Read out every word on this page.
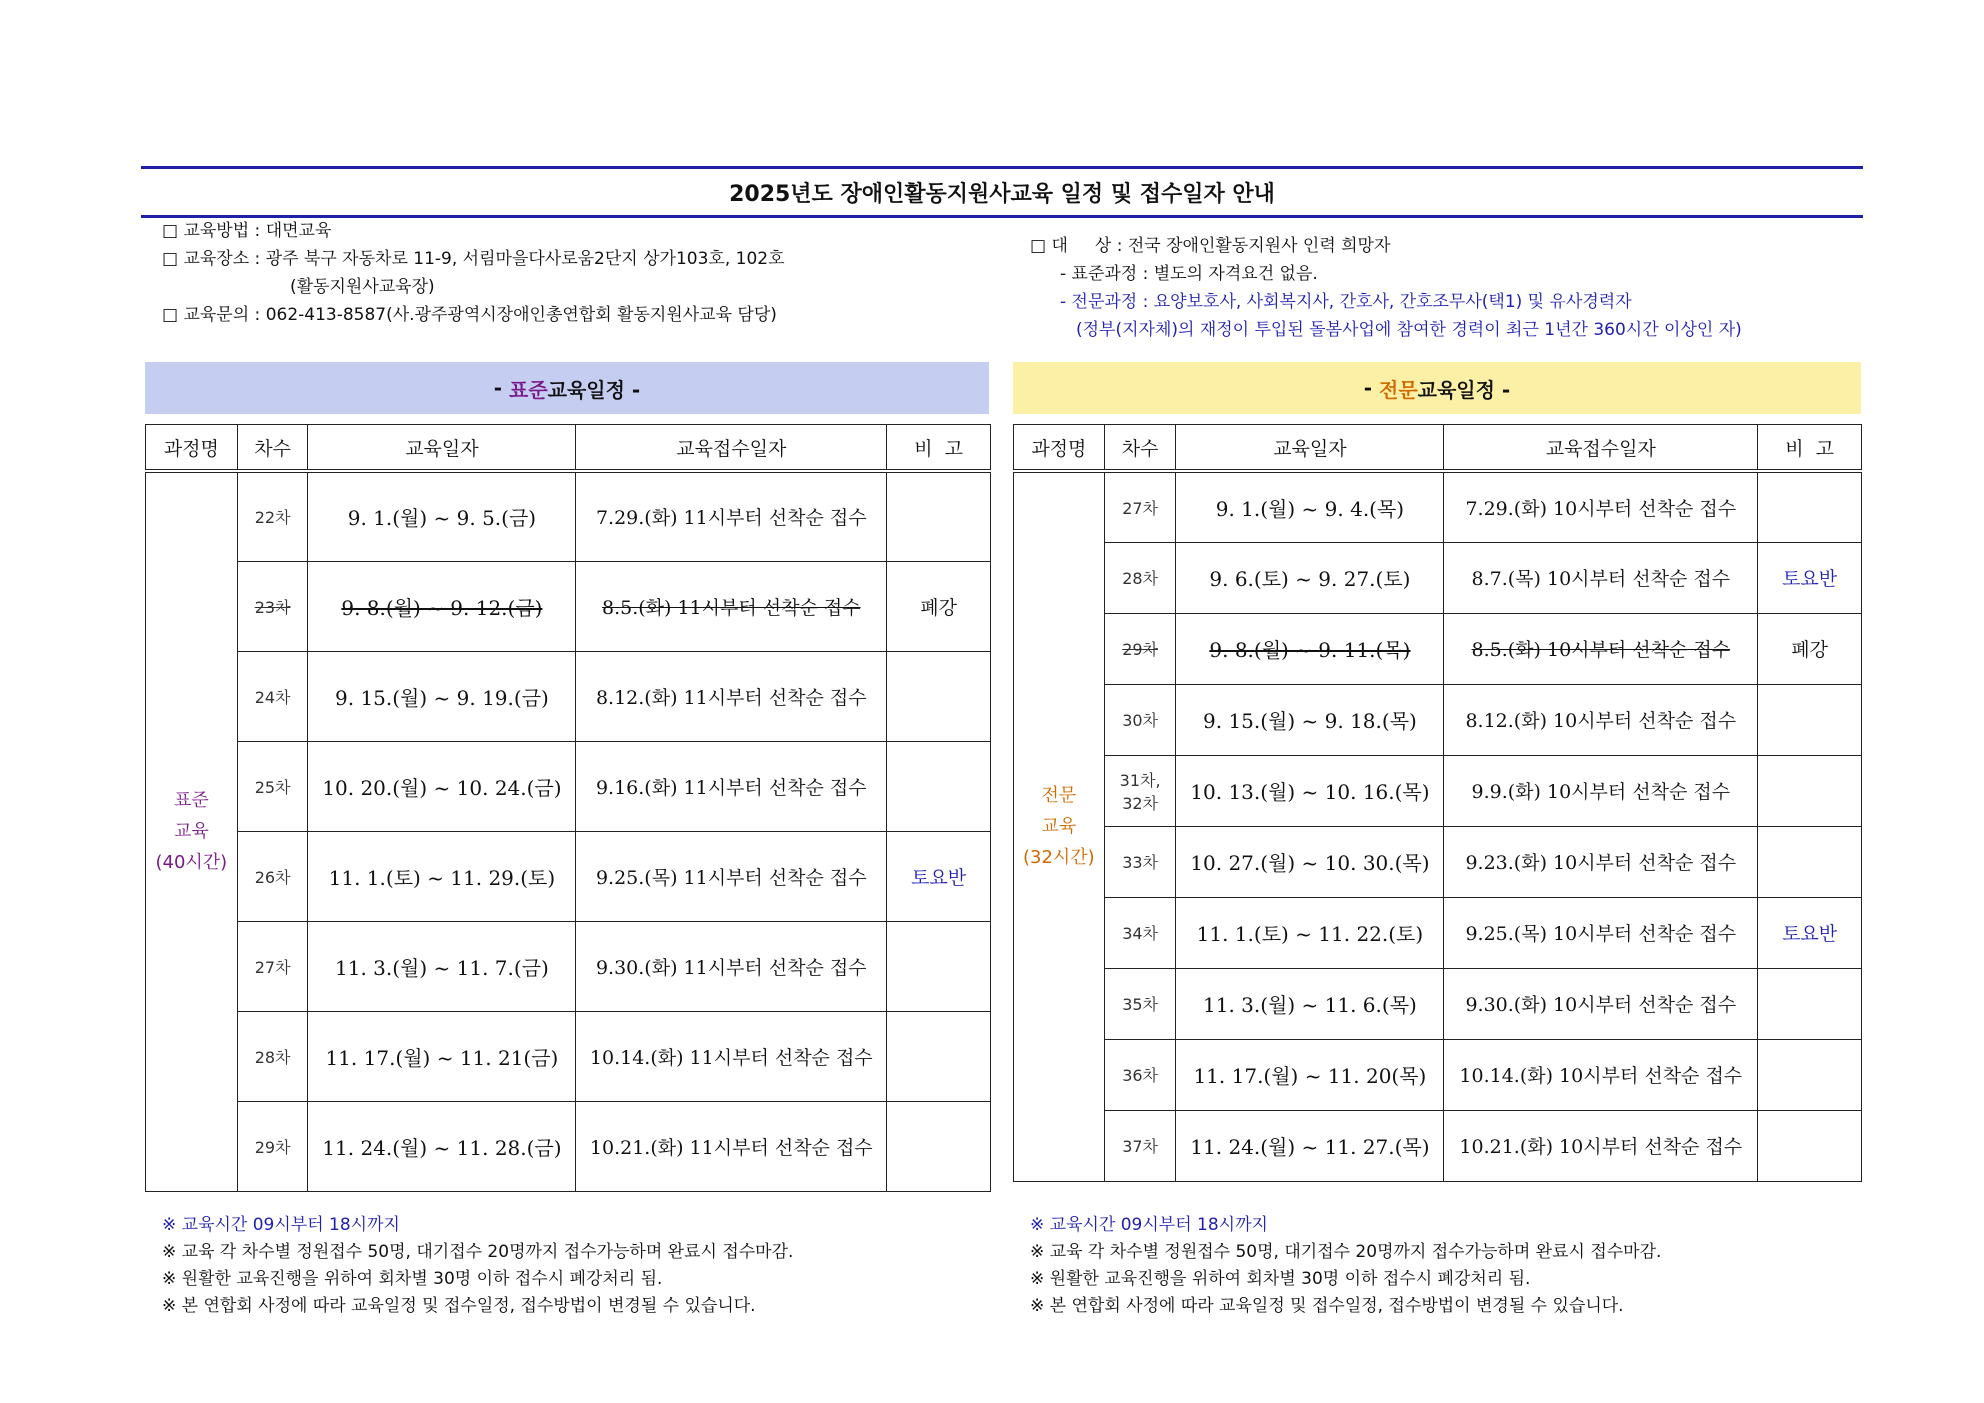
2025년도 장애인활동지원사교육 일정 및 접수일자 안내
□ 교육방법 : 대면교육
□ 교육장소 : 광주 북구 자동차로 11-9, 서림마을다사로움2단지 상가103호, 102호
(활동지원사교육장)
□ 교육문의 : 062-413-8587(사.광주광역시장애인총연합회 활동지원사교육 담당)
□ 대     상 : 전국 장애인활동지원사 인력 희망자
- 표준과정 : 별도의 자격요건 없음.
- 전문과정 : 요양보호사, 사회복지사, 간호사, 간호조무사(택1) 및 유사경력자
(정부(지자체)의 재정이 투입된 돌봄사업에 참여한 경력이 최근 1년간 360시간 이상인 자)
- 표준 교육일정 -	- 전문 교육일정 -
과정명	차수	교육일자	교육접수일자	비  고

표준
교육
(40시간)	22차	9. 1.(월) ~ 9. 5.(금)	7.29.(화) 11시부터 선착순 접수	
	23차	9. 8.(월) ~ 9. 12.(금)	8.5.(화) 11시부터 선착순 접수	폐강
	24차	9. 15.(월) ~ 9. 19.(금)	8.12.(화) 11시부터 선착순 접수	
	25차	10. 20.(월) ~ 10. 24.(금)	9.16.(화) 11시부터 선착순 접수	
	26차	11. 1.(토) ~ 11. 29.(토)	9.25.(목) 11시부터 선착순 접수	토요반
	27차	11. 3.(월) ~ 11. 7.(금)	9.30.(화) 11시부터 선착순 접수	
	28차	11. 17.(월) ~ 11. 21(금)	10.14.(화) 11시부터 선착순 접수	
	29차	11. 24.(월) ~ 11. 28.(금)	10.21.(화) 11시부터 선착순 접수	
과정명	차수	교육일자	교육접수일자	비  고

전문
교육
(32시간)	27차	9. 1.(월) ~ 9. 4.(목)	7.29.(화) 10시부터 선착순 접수	
	28차	9. 6.(토) ~ 9. 27.(토)	8.7.(목) 10시부터 선착순 접수	토요반
	29차	9. 8.(월) ~ 9. 11.(목)	8.5.(화) 10시부터 선착순 접수	폐강
	30차	9. 15.(월) ~ 9. 18.(목)	8.12.(화) 10시부터 선착순 접수	
	31차,
32차	10. 13.(월) ~ 10. 16.(목)	9.9.(화) 10시부터 선착순 접수	
	33차	10. 27.(월) ~ 10. 30.(목)	9.23.(화) 10시부터 선착순 접수	
	34차	11. 1.(토) ~ 11. 22.(토)	9.25.(목) 10시부터 선착순 접수	토요반
	35차	11. 3.(월) ~ 11. 6.(목)	9.30.(화) 10시부터 선착순 접수	
	36차	11. 17.(월) ~ 11. 20(목)	10.14.(화) 10시부터 선착순 접수	
	37차	11. 24.(월) ~ 11. 27.(목)	10.21.(화) 10시부터 선착순 접수	
※ 교육시간 09시부터 18시까지
※ 교육 각 차수별 정원접수 50명, 대기접수 20명까지 접수가능하며 완료시 접수마감.
※ 원활한 교육진행을 위하여 회차별 30명 이하 접수시 폐강처리 됨.
※ 본 연합회 사정에 따라 교육일정 및 접수일정, 접수방법이 변경될 수 있습니다.
※ 교육시간 09시부터 18시까지
※ 교육 각 차수별 정원접수 50명, 대기접수 20명까지 접수가능하며 완료시 접수마감.
※ 원활한 교육진행을 위하여 회차별 30명 이하 접수시 폐강처리 됨.
※ 본 연합회 사정에 따라 교육일정 및 접수일정, 접수방법이 변경될 수 있습니다.
